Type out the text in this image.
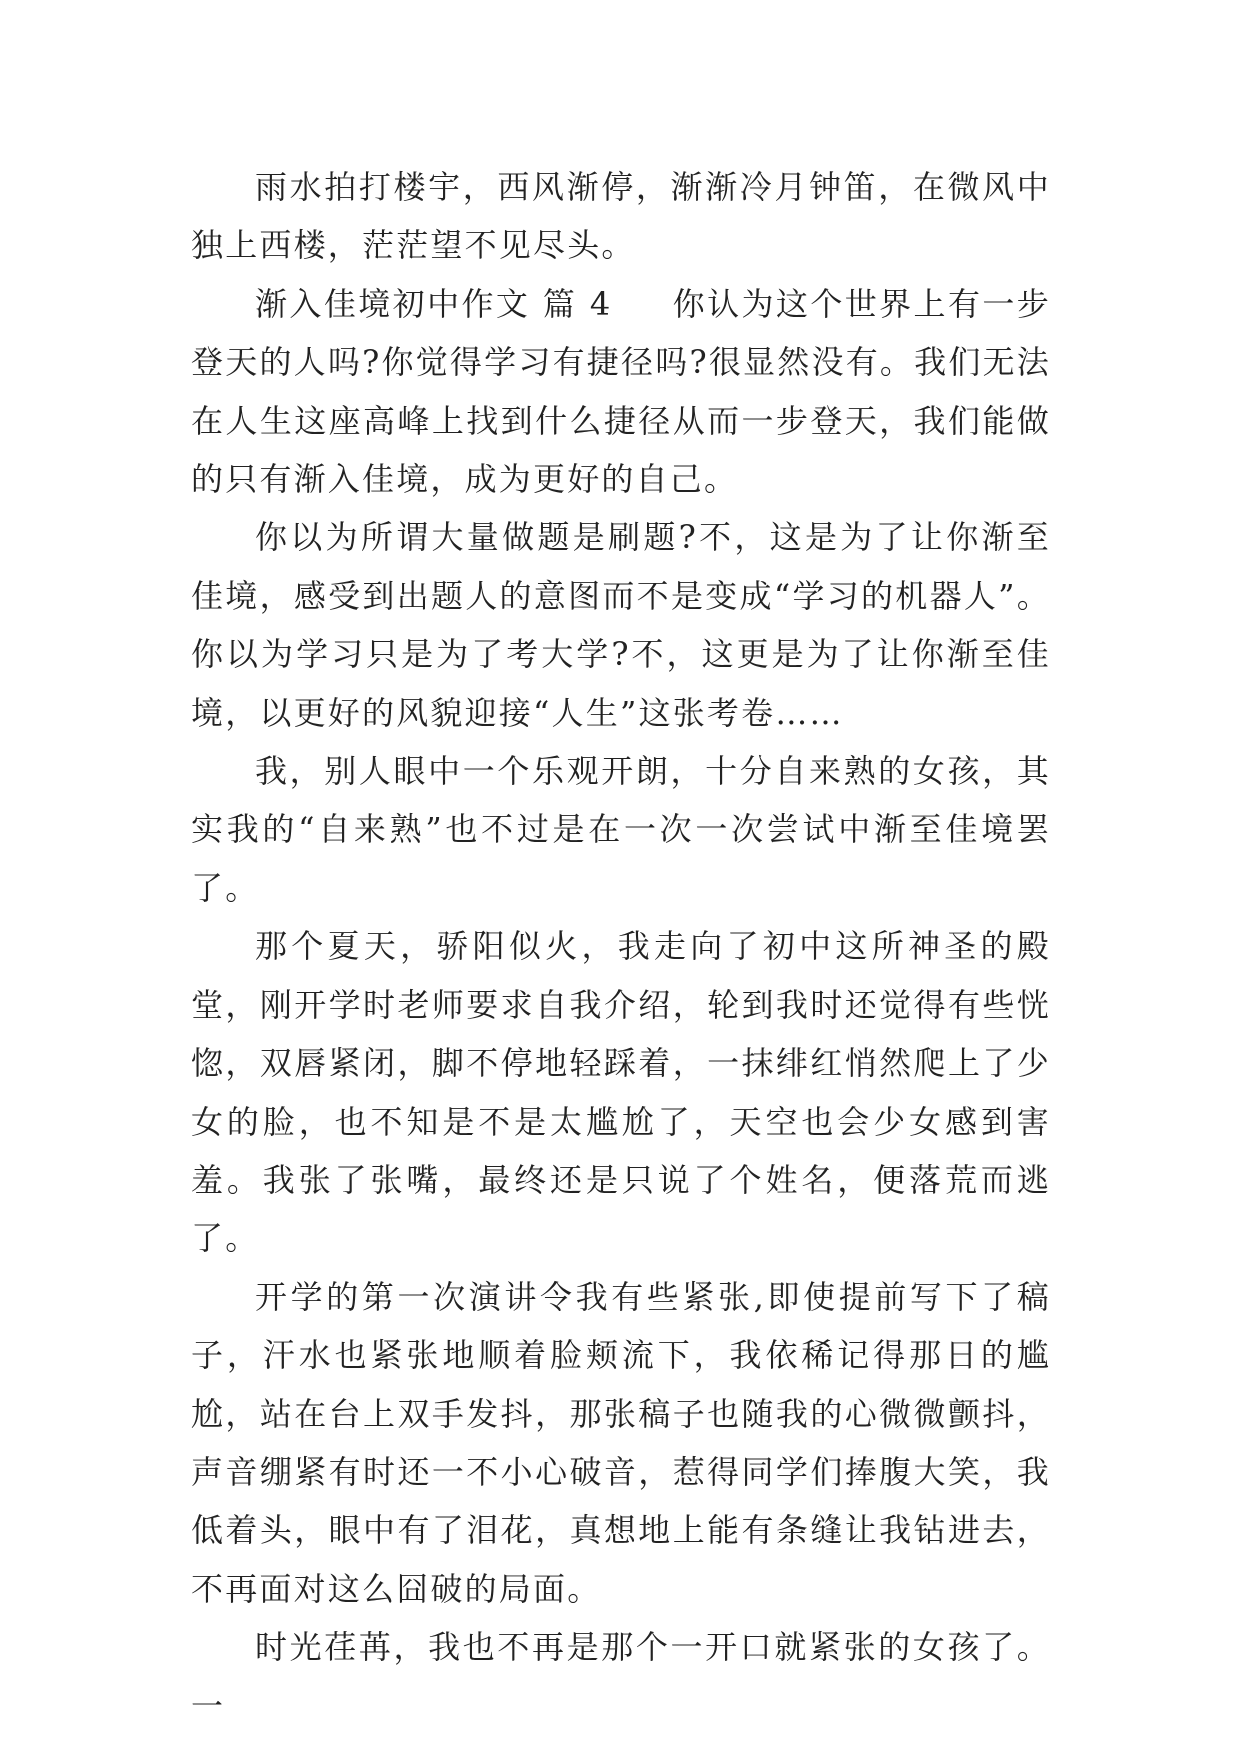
雨水拍打楼宇，西风渐停，渐渐冷月钟笛，在微风中独上西楼，茫茫望不见尽头。

渐入佳境初中作文 篇 4 你认为这个世界上有一步登天的人吗?你觉得学习有捷径吗?很显然没有。我们无法在人生这座高峰上找到什么捷径从而一步登天，我们能做的只有渐入佳境，成为更好的自己。

你以为所谓大量做题是刷题?不，这是为了让你渐至佳境，感受到出题人的意图而不是变成“学习的机器人”。你以为学习只是为了考大学?不，这更是为了让你渐至佳境，以更好的风貌迎接“人生”这张考卷……

我，别人眼中一个乐观开朗，十分自来熟的女孩，其实我的“自来熟”也不过是在一次一次尝试中渐至佳境罢了。

那个夏天，骄阳似火，我走向了初中这所神圣的殿堂，刚开学时老师要求自我介绍，轮到我时还觉得有些恍惚，双唇紧闭，脚不停地轻踩着，一抹绯红悄然爬上了少女的脸，也不知是不是太尴尬了，天空也会少女感到害羞。我张了张嘴，最终还是只说了个姓名，便落荒而逃了。

开学的第一次演讲令我有些紧张,即使提前写下了稿子，汗水也紧张地顺着脸颊流下，我依稀记得那日的尴尬，站在台上双手发抖，那张稿子也随我的心微微颤抖，声音绷紧有时还一不小心破音，惹得同学们捧腹大笑，我低着头，眼中有了泪花，真想地上能有条缝让我钻进去，不再面对这么囧破的局面。

时光荏苒，我也不再是那个一开口就紧张的女孩了。一
